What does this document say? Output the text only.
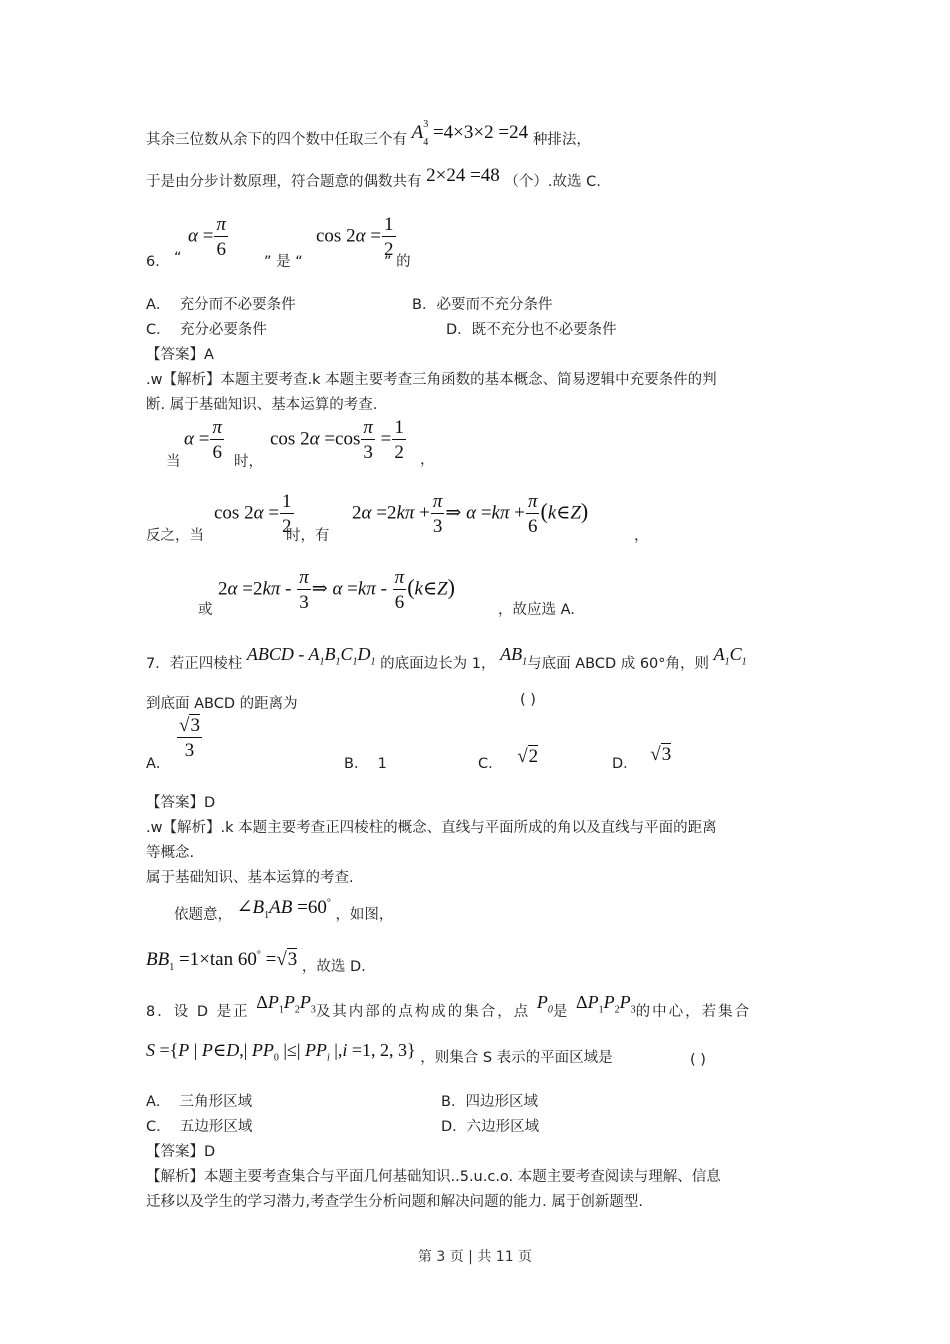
其余三位数从余下的四个数中任取三个有 $A_4^3 =4\times 3\times 2 =24$ 种排法，
于是由分步计数原理，符合题意的偶数共有 2×24 =48 （个）.故选 C.
6． “
$\alpha = \frac{\pi}{6}$
” 是 “
$\cos 2\alpha = \frac{1}{2}$
” 的
A． 充分而不必要条件	B．必要而不充分条件
C． 充分必要条件	D．既不充分也不必要条件
【答案】A
.w【解析】本题主要考查.k 本题主要考查三角函数的基本概念、简易逻辑中充要条件的判
断. 属于基础知识、基本运算的考查.
当
$\alpha = \frac{\pi}{6}$ 时，
$\cos 2\alpha =\cos \frac{\pi}{3} = \frac{1}{2}$ ，
反之，当
$\cos 2\alpha = \frac{1}{2}$
时，有
$2\alpha =2k\pi + \frac{\pi}{3}$ ⇒ $\alpha =k\pi + \frac{\pi}{6}$ (k∈Z)
，
或
$2\alpha =2k\pi - \frac{\pi}{3}$ ⇒ $\alpha =k\pi - \frac{\pi}{6}$ (k∈Z)
，故应选 A.
7．若正四棱柱 ABCD - $A_1B_1C_1D_1$ 的底面边长为 1， $AB_1$与底面 ABCD 成 60°角，则 $A_1C_1$
到底面 ABCD 的距离为	( )
A．
$\frac{√3}{3}$
B． 1	C． √2	D． √3
【答案】D
.w【解析】.k 本题主要考查正四棱柱的概念、直线与平面所成的角以及直线与平面的距离
等概念.
属于基础知识、基本运算的考查.
依题意， $\angle B_1AB =60^\circ$ ，如图，
$BB_1 =1\times\tan$ 60° =√3 ，故选 D.
8．设 D 是正 $\Delta P_1P_2P_3$及其内部的点构成的集合，点 $P_0$是 $\Delta P_1P_2P_3$的中心，若集合
S ={P | P∈D,| $PP_0$ |≤| $PP_i$ |,i =1, 2, 3} ，则集合 S 表示的平面区域是	( )
A． 三角形区域	B．四边形区域
C． 五边形区域	D．六边形区域
【答案】D
【解析】本题主要考查集合与平面几何基础知识..5.u.c.o. 本题主要考查阅读与理解、信息
迁移以及学生的学习潜力,考查学生分析问题和解决问题的能力. 属于创新题型.
第 3 页 | 共 11 页
